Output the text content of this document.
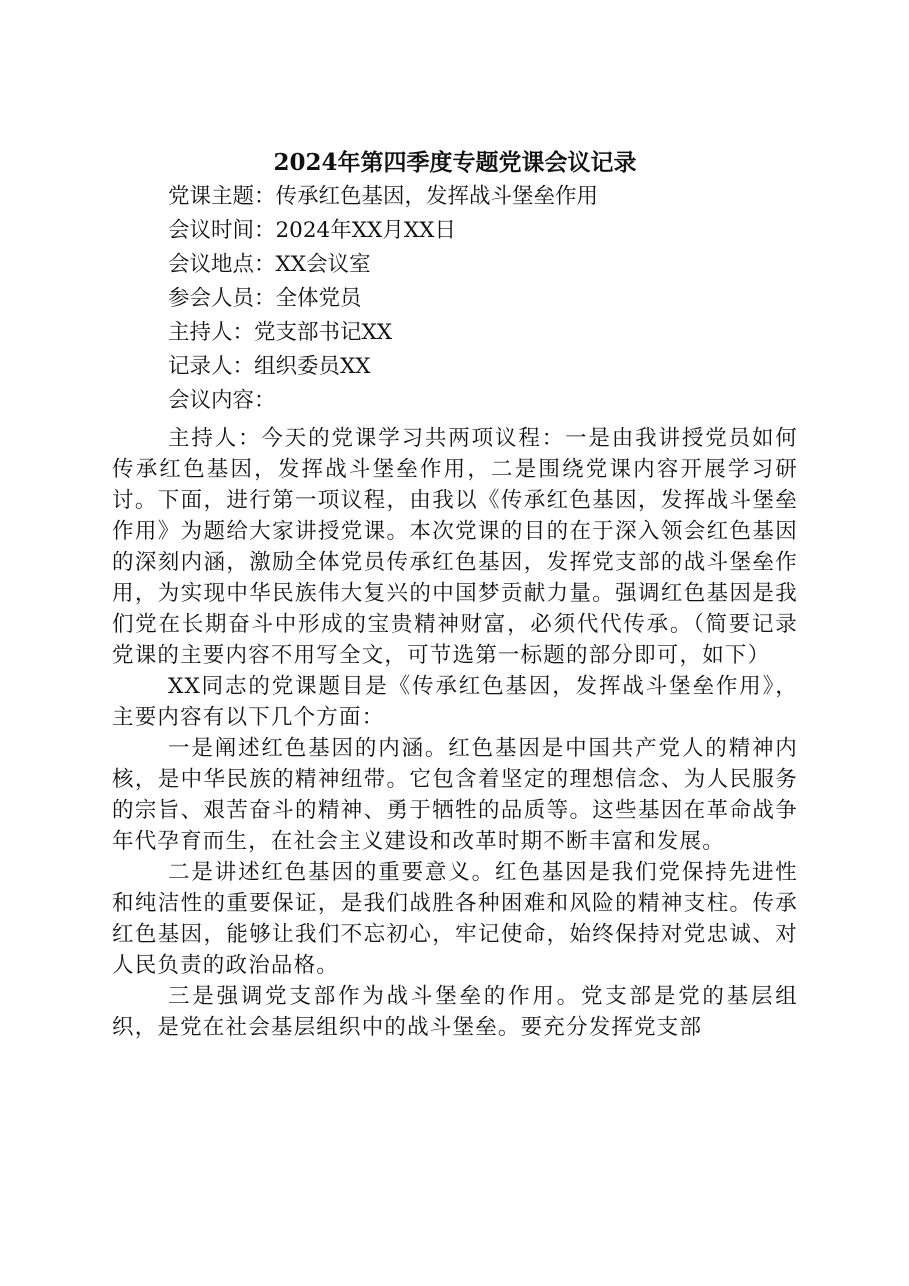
2024年第四季度专题党课会议记录
党课主题：传承红色基因，发挥战斗堡垒作用
会议时间：2024年XX月XX日
会议地点：XX会议室
参会人员：全体党员
主持人：党支部书记XX
记录人：组织委员XX
会议内容：

主持人：今天的党课学习共两项议程：一是由我讲授党员如何传承红色基因，发挥战斗堡垒作用，二是围绕党课内容开展学习研讨。下面，进行第一项议程，由我以《传承红色基因，发挥战斗堡垒作用》为题给大家讲授党课。本次党课的目的在于深入领会红色基因的深刻内涵，激励全体党员传承红色基因，发挥党支部的战斗堡垒作用，为实现中华民族伟大复兴的中国梦贡献力量。强调红色基因是我们党在长期奋斗中形成的宝贵精神财富，必须代代传承。（简要记录党课的主要内容不用写全文，可节选第一标题的部分即可，如下）

XX同志的党课题目是《传承红色基因，发挥战斗堡垒作用》，主要内容有以下几个方面：

一是阐述红色基因的内涵。红色基因是中国共产党人的精神内核，是中华民族的精神纽带。它包含着坚定的理想信念、为人民服务的宗旨、艰苦奋斗的精神、勇于牺牲的品质等。这些基因在革命战争年代孕育而生，在社会主义建设和改革时期不断丰富和发展。

二是讲述红色基因的重要意义。红色基因是我们党保持先进性和纯洁性的重要保证，是我们战胜各种困难和风险的精神支柱。传承红色基因，能够让我们不忘初心，牢记使命，始终保持对党忠诚、对人民负责的政治品格。

三是强调党支部作为战斗堡垒的作用。党支部是党的基层组织，是党在社会基层组织中的战斗堡垒。要充分发挥党支部
